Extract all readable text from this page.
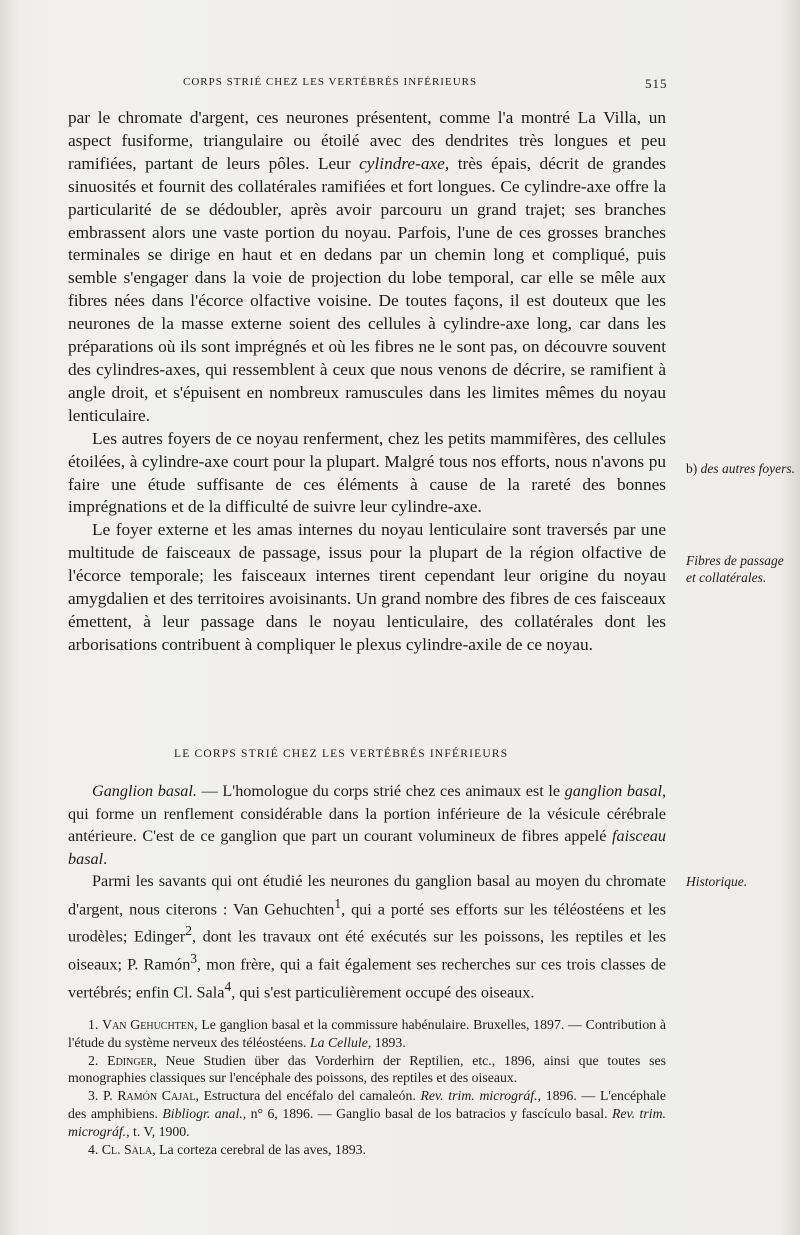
CORPS STRIÉ CHEZ LES VERTÉBRÉS INFÉRIEURS	515

par le chromate d'argent, ces neurones présentent, comme l'a montré La Villa, un aspect fusiforme, triangulaire ou étoilé avec des dendrites très longues et peu ramifiées, partant de leurs pôles. Leur cylindre-axe, très épais, décrit de grandes sinuosités et fournit des collatérales ramifiées et fort longues. Ce cylindre-axe offre la particularité de se dédoubler, après avoir parcouru un grand trajet; ses branches embrassent alors une vaste portion du noyau. Parfois, l'une de ces grosses branches terminales se dirige en haut et en dedans par un chemin long et compliqué, puis semble s'engager dans la voie de projection du lobe temporal, car elle se mêle aux fibres nées dans l'écorce olfactive voisine. De toutes façons, il est douteux que les neurones de la masse externe soient des cellules à cylindre-axe long, car dans les préparations où ils sont imprégnés et où les fibres ne le sont pas, on découvre souvent des cylindres-axes, qui ressemblent à ceux que nous venons de décrire, se ramifient à angle droit, et s'épuisent en nombreux ramuscules dans les limites mêmes du noyau lenticulaire.

Les autres foyers de ce noyau renferment, chez les petits mammifères, des cellules étoilées, à cylindre-axe court pour la plupart. Malgré tous nos efforts, nous n'avons pu faire une étude suffisante de ces éléments à cause de la rareté des bonnes imprégnations et de la difficulté de suivre leur cylindre-axe.

Le foyer externe et les amas internes du noyau lenticulaire sont traversés par une multitude de faisceaux de passage, issus pour la plupart de la région olfactive de l'écorce temporale; les faisceaux internes tirent cependant leur origine du noyau amygdalien et des territoires avoisinants. Un grand nombre des fibres de ces faisceaux émettent, à leur passage dans le noyau lenticulaire, des collatérales dont les arborisations contribuent à compliquer le plexus cylindre-axile de ce noyau.

b) des autres foyers.
Fibres de passage et collatérales.
LE CORPS STRIÉ CHEZ LES VERTÉBRÉS INFÉRIEURS

Ganglion basal. — L'homologue du corps strié chez ces animaux est le ganglion basal, qui forme un renflement considérable dans la portion inférieure de la vésicule cérébrale antérieure. C'est de ce ganglion que part un courant volumineux de fibres appelé faisceau basal.

Parmi les savants qui ont étudié les neurones du ganglion basal au moyen du chromate d'argent, nous citerons : Van Gehuchten$^1$, qui a porté ses efforts sur les téléostéens et les urodèles; Edinger$^2$, dont les travaux ont été exécutés sur les poissons, les reptiles et les oiseaux; P. Ramón$^3$, mon frère, qui a fait également ses recherches sur ces trois classes de vertébrés; enfin Cl. Sala$^4$, qui s'est particulièrement occupé des oiseaux.

Historique.

1. Van Gehuchten, Le ganglion basal et la commissure habénulaire. Bruxelles, 1897. — Contribution à l'étude du système nerveux des téléostéens. La Cellule, 1893.

2. Edinger, Neue Studien über das Vorderhirn der Reptilien, etc., 1896, ainsi que toutes ses monographies classiques sur l'encéphale des poissons, des reptiles et des oiseaux.

3. P. Ramón Cajal, Estructura del encéfalo del camaleón. Rev. trim. micrográf., 1896. — L'encéphale des amphibiens. Bibliogr. anal., n° 6, 1896. — Ganglio basal de los batracios y fascículo basal. Rev. trim. micrográf., t. V, 1900.

4. Cl. Sala, La corteza cerebral de las aves, 1893.
